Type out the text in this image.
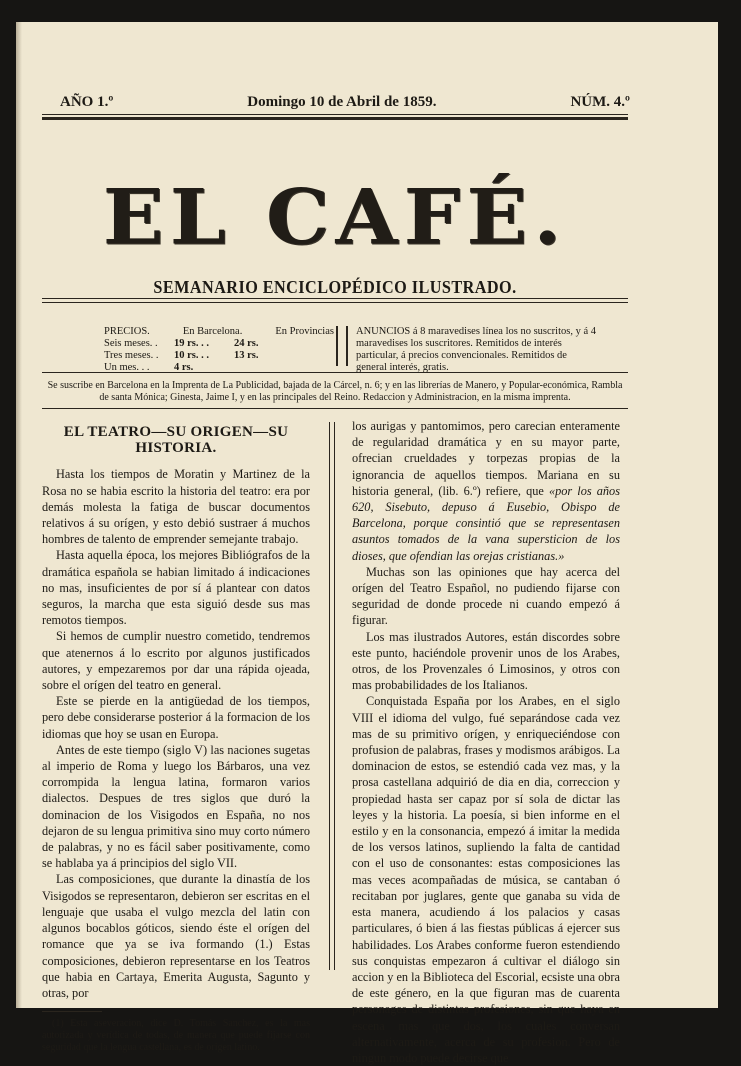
AÑO 1.º	Domingo 10 de Abril de 1859.	NÚM. 4.º
EL CAFÉ.
SEMANARIO ENCICLOPÉDICO ILUSTRADO.
PRECIOS.	En Barcelona.	En Provincias
Seis meses. .	19 rs. . .	24 rs.
Tres meses. .	10 rs. . .	13 rs.
Un mes. . .	4 rs.
ANUNCIOS á 8 maravedises línea los no suscritos, y á 4 maravedises los suscritores. Remitidos de interés particular, á precios convencionales. Remitidos de general interés, gratis.
Se suscribe en Barcelona en la Imprenta de La Publicidad, bajada de la Cárcel, n. 6; y en las librerías de Manero, y Popular-económica, Rambla de santa Mónica; Ginesta, Jaime I, y en las principales del Reino. Redaccion y Administracion, en la misma imprenta.
EL TEATRO—SU ORIGEN—SU HISTORIA.

Hasta los tiempos de Moratin y Martinez de la Rosa no se habia escrito la historia del teatro: era por demás molesta la fatiga de buscar documentos relativos á su orígen, y esto debió sustraer á muchos hombres de talento de emprender semejante trabajo.

Hasta aquella época, los mejores Bibliógrafos de la dramática española se habian limitado á indicaciones no mas, insuficientes de por sí á plantear con datos seguros, la marcha que esta siguió desde sus mas remotos tiempos.

Si hemos de cumplir nuestro cometido, tendremos que atenernos á lo escrito por algunos justificados autores, y empezaremos por dar una rápida ojeada, sobre el orígen del teatro en general.

Este se pierde en la antigüedad de los tiempos, pero debe considerarse posterior á la formacion de los idiomas que hoy se usan en Europa.

Antes de este tiempo (siglo V) las naciones sugetas al imperio de Roma y luego los Bárbaros, una vez corrompida la lengua latina, formaron varios dialectos. Despues de tres siglos que duró la dominacion de los Visigodos en España, no nos dejaron de su lengua primitiva sino muy corto número de palabras, y no es fácil saber positivamente, como se hablaba ya á principios del siglo VII.

Las composiciones, que durante la dinastía de los Visigodos se representaron, debieron ser escritas en el lenguaje que usaba el vulgo mezcla del latin con algunos bocablos góticos, siendo éste el orígen del romance que ya se iva formando (1.) Estas composiciones, debieron representarse en los Teatros que habia en Cartaya, Emerita Augusta, Sagunto y otras, por

(1) Esta aseveracion, dice D. Tomás Sanchez, es la mas autorizada y verídica de todas, de manera que puede fijarse con seguridad que la lengua castellana, es de origen latino.

los aurigas y pantomimos, pero carecian enteramente de regularidad dramática y en su mayor parte, ofrecian crueldades y torpezas propias de la ignorancia de aquellos tiempos. Mariana en su historia general, (lib. 6.º) refiere, que «por los años 620, Sisebuto, depuso á Eusebio, Obispo de Barcelona, porque consintió que se representasen asuntos tomados de la vana supersticion de los dioses, que ofendian las orejas cristianas.»

Muchas son las opiniones que hay acerca del orígen del Teatro Español, no pudiendo fijarse con seguridad de donde procede ni cuando empezó á figurar.

Los mas ilustrados Autores, están discordes sobre este punto, haciéndole provenir unos de los Arabes, otros, de los Provenzales ó Limosinos, y otros con mas probabilidades de los Italianos.

Conquistada España por los Arabes, en el siglo VIII el idioma del vulgo, fué separándose cada vez mas de su primitivo orígen, y enriqueciéndose con profusion de palabras, frases y modismos arábigos. La dominacion de estos, se estendió cada vez mas, y la prosa castellana adquirió de dia en dia, correccion y propiedad hasta ser capaz por sí sola de dictar las leyes y la historia. La poesía, si bien informe en el estilo y en la consonancia, empezó á imitar la medida de los versos latinos, supliendo la falta de cantidad con el uso de consonantes: estas composiciones las mas veces acompañadas de música, se cantaban ó recitaban por juglares, gente que ganaba su vida de esta manera, acudiendo á los palacios y casas particulares, ó bien á las fiestas públicas á ejercer sus habilidades. Los Arabes conforme fueron estendiendo sus conquistas empezaron á cultivar el diálogo sin accion y en la Biblioteca del Escorial, ecsiste una obra de este género, en la que figuran mas de cuarenta personages de distintas profesiones, sin que haya en escena mas que dos, los cuales conversan alternativamente, acerca de su profesion. Pero de ningun modo puede decirse que
